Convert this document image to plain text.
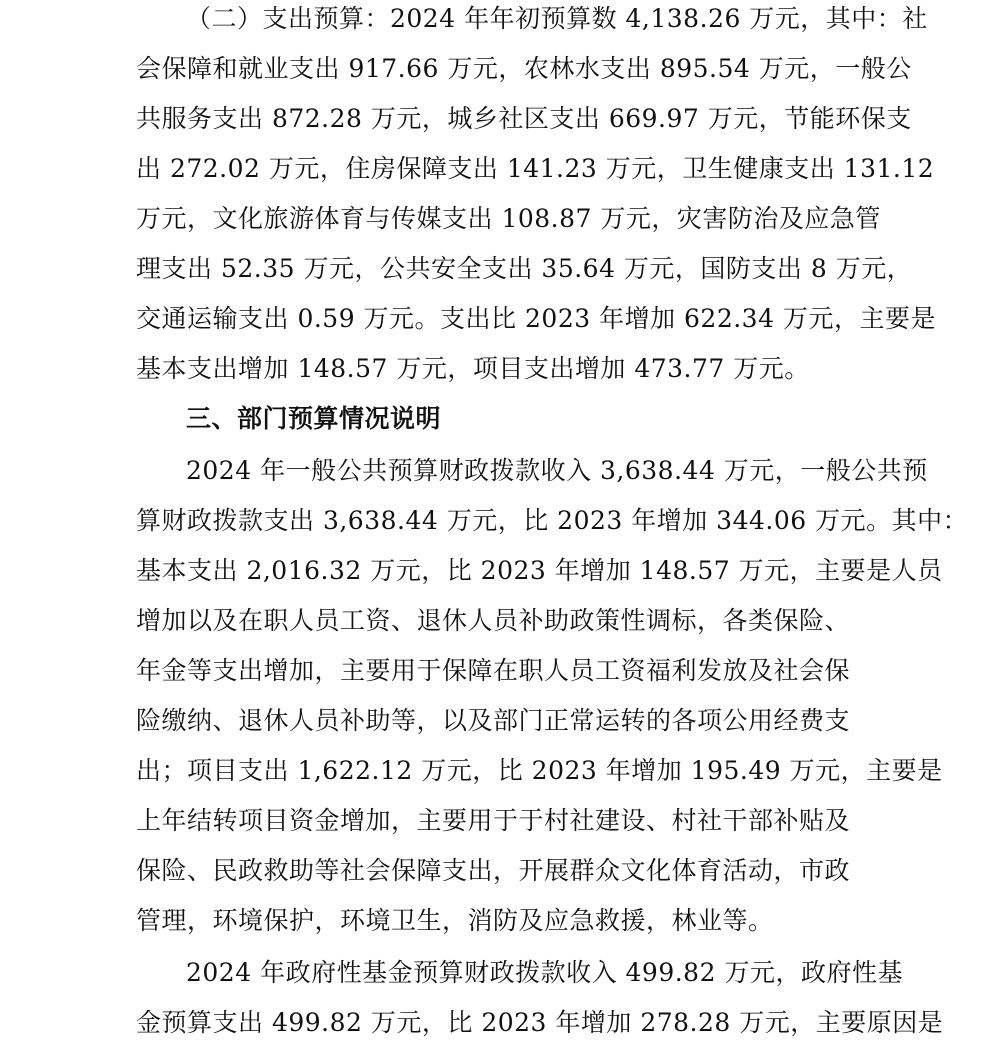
（二）支出预算：2024 年年初预算数 4,138.26 万元，其中：社
会保障和就业支出 917.66 万元，农林水支出 895.54 万元，一般公
共服务支出 872.28 万元，城乡社区支出 669.97 万元，节能环保支
出 272.02 万元，住房保障支出 141.23 万元，卫生健康支出 131.12
万元，文化旅游体育与传媒支出 108.87 万元，灾害防治及应急管
理支出 52.35 万元，公共安全支出 35.64 万元，国防支出 8 万元，
交通运输支出 0.59 万元。支出比 2023 年增加 622.34 万元，主要是
基本支出增加 148.57 万元，项目支出增加 473.77 万元。
三、部门预算情况说明
2024 年一般公共预算财政拨款收入 3,638.44 万元，一般公共预
算财政拨款支出 3,638.44 万元，比 2023 年增加 344.06 万元。其中：
基本支出 2,016.32 万元，比 2023 年增加 148.57 万元，主要是人员
增加以及在职人员工资、退休人员补助政策性调标，各类保险、
年金等支出增加，主要用于保障在职人员工资福利发放及社会保
险缴纳、退休人员补助等，以及部门正常运转的各项公用经费支
出；项目支出 1,622.12 万元，比 2023 年增加 195.49 万元，主要是
上年结转项目资金增加，主要用于于村社建设、村社干部补贴及
保险、民政救助等社会保障支出，开展群众文化体育活动，市政
管理，环境保护，环境卫生，消防及应急救援，林业等。
2024 年政府性基金预算财政拨款收入 499.82 万元，政府性基
金预算支出 499.82 万元，比 2023 年增加 278.28 万元，主要原因是
